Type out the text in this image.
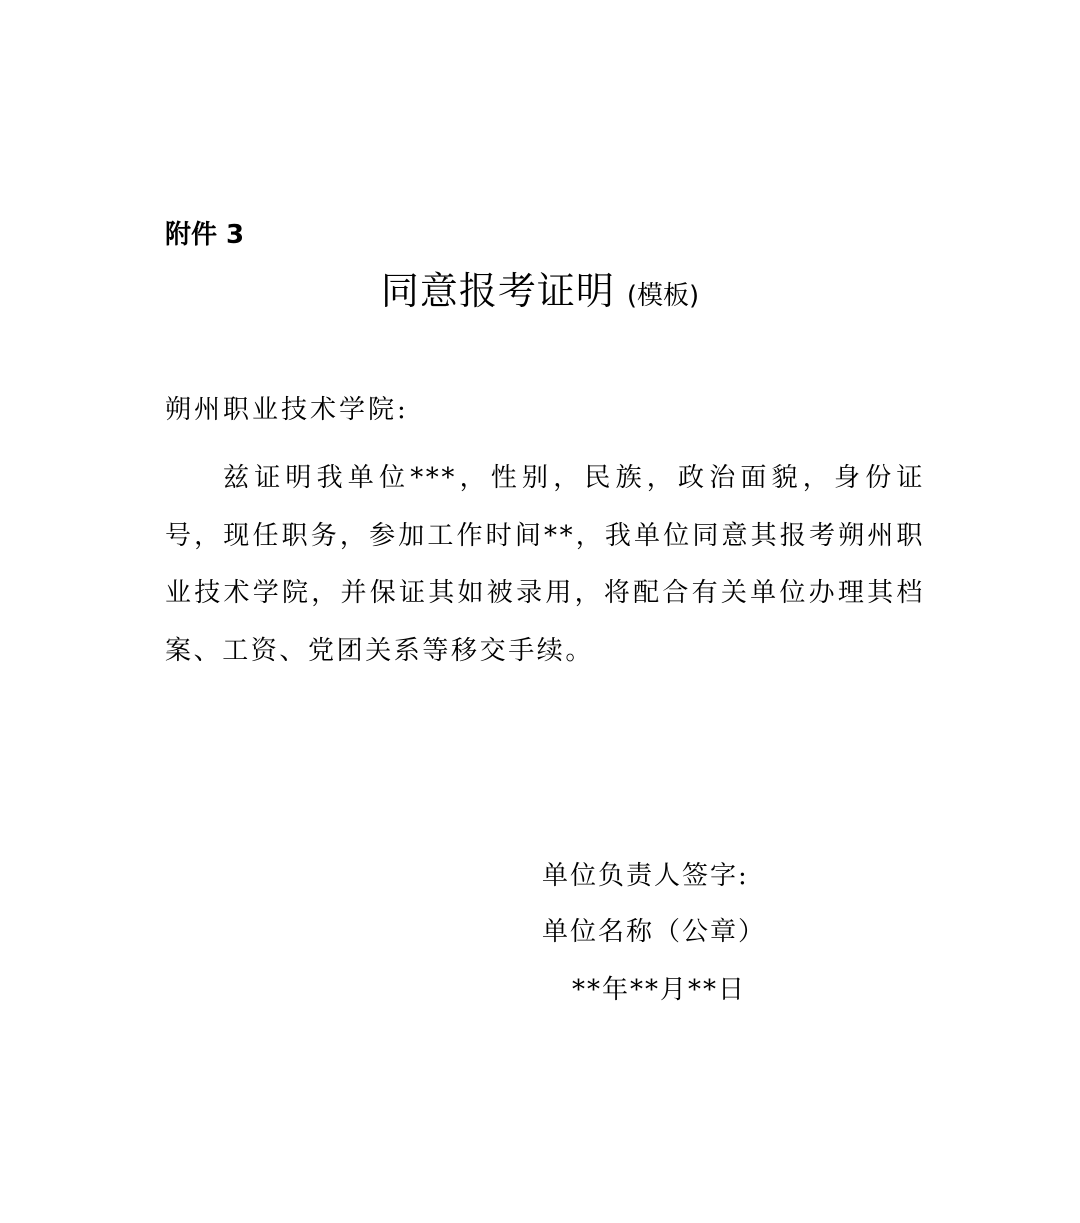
附件 3
同意报考证明 (模板)
朔州职业技术学院:

兹证明我单位***，性别，民族，政治面貌，身份证号，现任职务，参加工作时间**，我单位同意其报考朔州职业技术学院，并保证其如被录用，将配合有关单位办理其档案、工资、党团关系等移交手续。

单位负责人签字:
单位名称（公章）
**年**月**日
